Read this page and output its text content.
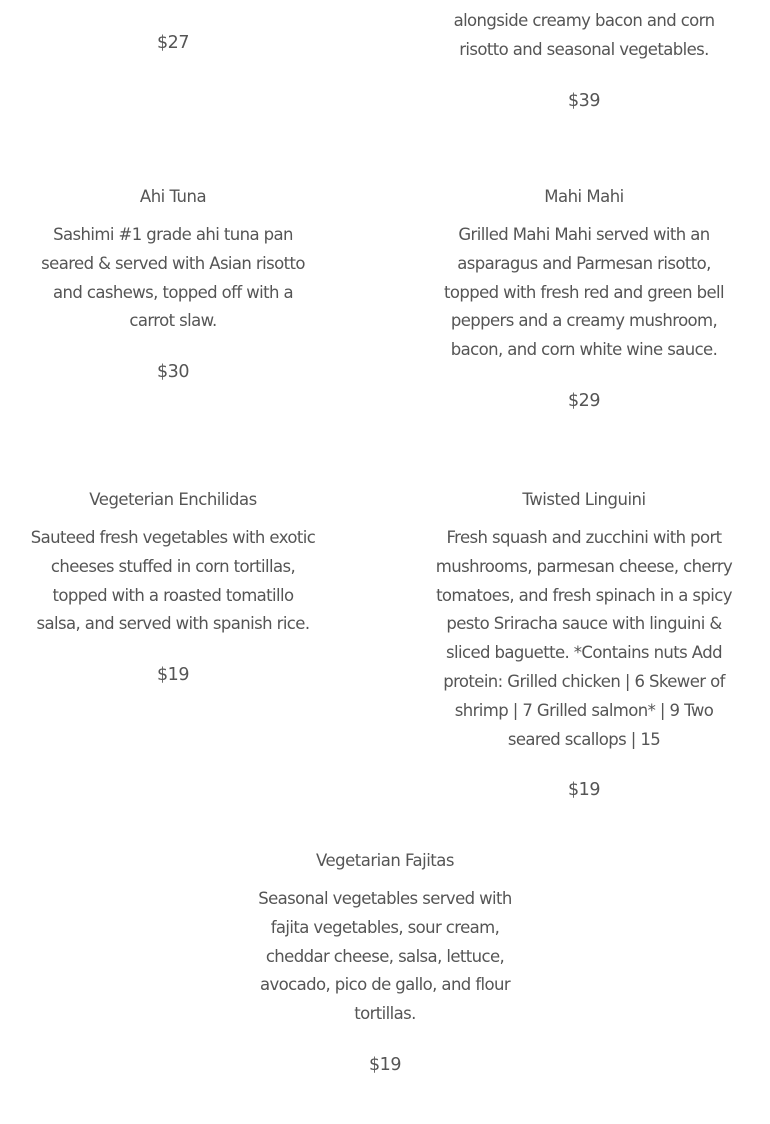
$27

alongside creamy bacon and corn risotto and seasonal vegetables.

$39

Ahi Tuna

Sashimi #1 grade ahi tuna pan seared & served with Asian risotto and cashews, topped off with a carrot slaw.

$30

Mahi Mahi

Grilled Mahi Mahi served with an asparagus and Parmesan risotto, topped with fresh red and green bell peppers and a creamy mushroom, bacon, and corn white wine sauce.

$29

Vegeterian Enchilidas

Sauteed fresh vegetables with exotic cheeses stuffed in corn tortillas, topped with a roasted tomatillo salsa, and served with spanish rice.

$19

Twisted Linguini

Fresh squash and zucchini with port mushrooms, parmesan cheese, cherry tomatoes, and fresh spinach in a spicy pesto Sriracha sauce with linguini & sliced baguette. *Contains nuts Add protein: Grilled chicken | 6 Skewer of shrimp | 7 Grilled salmon* | 9 Two seared scallops | 15

$19

Vegetarian Fajitas

Seasonal vegetables served with fajita vegetables, sour cream, cheddar cheese, salsa, lettuce, avocado, pico de gallo, and flour tortillas.

$19
